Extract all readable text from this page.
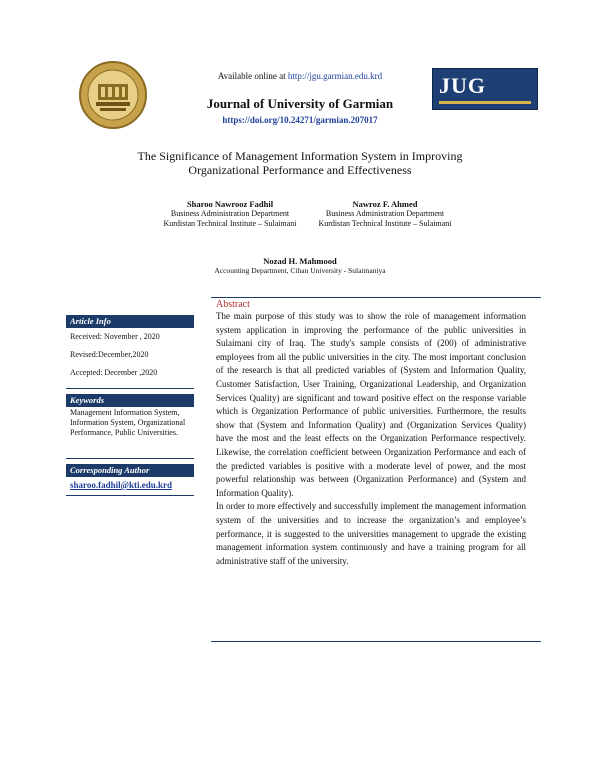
JUG
Available online at http://jgu.garmian.edu.krd
Journal of University of Garmian
https://doi.org/10.24271/garmian.207017
The Significance of Management Information System in Improving Organizational Performance and Effectiveness
Sharoo Nawrooz Fadhil
Business Administration Department
Kurdistan Technical Institute – Sulaimani
Nawroz F. Ahmed
Business Administration Department
Kurdistan Technical Institute – Sulaimani
Nozad H. Mahmood
Accounting Department, Cihan University - Sulaimaniya
Article Info
Received: November , 2020
Revised:December,2020
Accepted: December ,2020
Keywords
Management Information System, Information System, Organizational Performance, Public Universities.
Corresponding Author
sharoo.fadhil@kti.edu.krd
Abstract

The main purpose of this study was to show the role of management information system application in improving the performance of the public universities in Sulaimani city of Iraq. The study's sample consists of (200) of administrative employees from all the public universities in the city. The most important conclusion of the research is that all predicted variables of (System and Information Quality, Customer Satisfaction, User Training, Organizational Leadership, and Organization Services Quality) are significant and toward positive effect on the response variable which is Organization Performance of public universities. Furthermore, the results show that (System and Information Quality) and (Organization Services Quality) have the most and the least effects on the Organization Performance respectively. Likewise, the correlation coefficient between Organization Performance and each of the predicted variables is positive with a moderate level of power, and the most powerful relationship was between (Organization Performance) and (System and Information Quality).

In order to more effectively and successfully implement the management information system of the universities and to increase the organization’s and employee’s performance, it is suggested to the universities management to upgrade the existing management information system continuously and have a training program for all administrative staff of the university.
